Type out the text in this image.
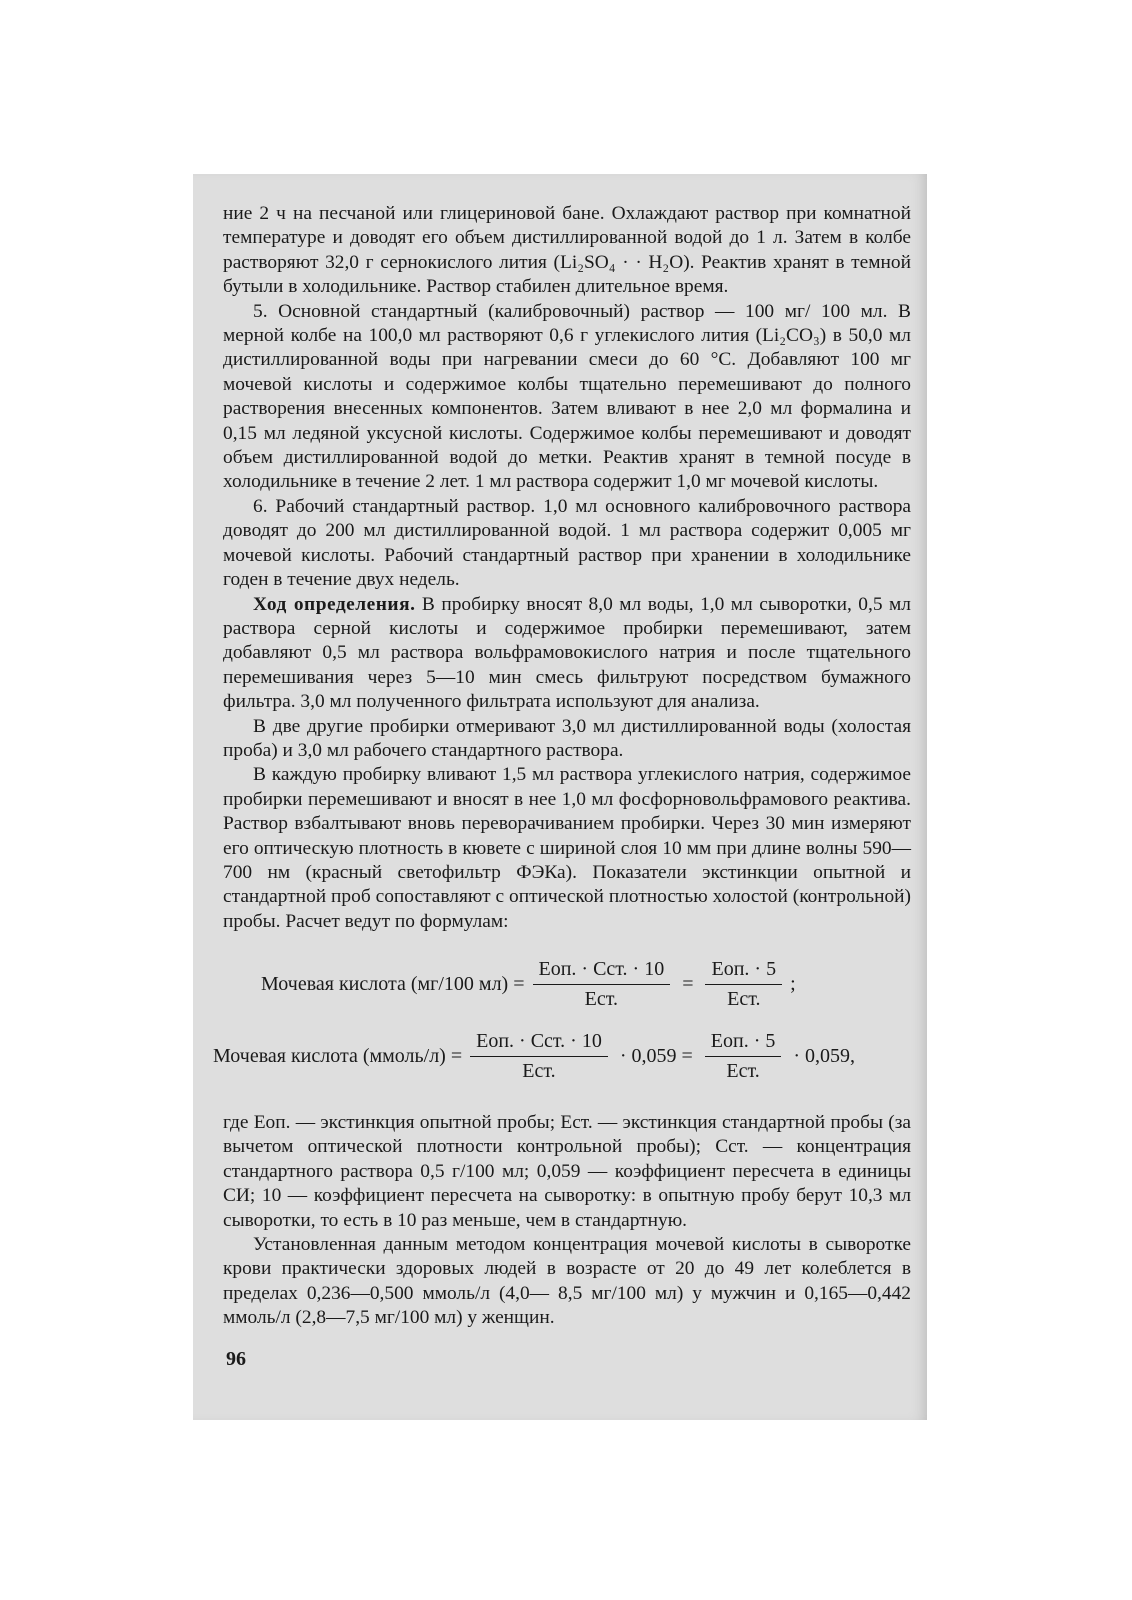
ние 2 ч на песчаной или глицериновой бане. Охлаждают раствор при комнатной температуре и доводят его объем дистиллированной водой до 1 л. Затем в колбе растворяют 32,0 г сернокислого лития (Li₂SO₄ · · H₂O). Реактив хранят в темной бутыли в холодильнике. Раствор стабилен длительное время.

5. Основной стандартный (калибровочный) раствор — 100 мг/ 100 мл. В мерной колбе на 100,0 мл растворяют 0,6 г углекислого лития (Li₂CO₃) в 50,0 мл дистиллированной воды при нагревании смеси до 60 °С. Добавляют 100 мг мочевой кислоты и содержимое колбы тщательно перемешивают до полного растворения внесенных компонентов. Затем вливают в нее 2,0 мл формалина и 0,15 мл ледяной уксусной кислоты. Содержимое колбы перемешивают и доводят объем дистиллированной водой до метки. Реактив хранят в темной посуде в холодильнике в течение 2 лет. 1 мл раствора содержит 1,0 мг мочевой кислоты.

6. Рабочий стандартный раствор. 1,0 мл основного калибровочного раствора доводят до 200 мл дистиллированной водой. 1 мл раствора содержит 0,005 мг мочевой кислоты. Рабочий стандартный раствор при хранении в холодильнике годен в течение двух недель.

Ход определения. В пробирку вносят 8,0 мл воды, 1,0 мл сыворотки, 0,5 мл раствора серной кислоты и содержимое пробирки перемешивают, затем добавляют 0,5 мл раствора вольфрамовокислого натрия и после тщательного перемешивания через 5—10 мин смесь фильтруют посредством бумажного фильтра. 3,0 мл полученного фильтрата используют для анализа.

В две другие пробирки отмеривают 3,0 мл дистиллированной воды (холостая проба) и 3,0 мл рабочего стандартного раствора.

В каждую пробирку вливают 1,5 мл раствора углекислого натрия, содержимое пробирки перемешивают и вносят в нее 1,0 мл фосфорновольфрамового реактива. Раствор взбалтывают вновь переворачиванием пробирки. Через 30 мин измеряют его оптическую плотность в кювете с шириной слоя 10 мм при длине волны 590—700 нм (красный светофильтр ФЭКа). Показатели экстинкции опытной и стандартной проб сопоставляют с оптической плотностью холостой (контрольной) пробы. Расчет ведут по формулам:

Мочевая кислота (мг/100 $мл) = \frac{\text{Eоп. · Cст. · 10}}{\text{Eст.}} = \frac{\text{Eоп. · 5}}{\text{Eст.}}$ ;
Мочевая кислота (ммоль/л) = $\frac{\text{Eоп. · Cст. · 10}}{\text{Eст.}} \cdot 0,059 = \frac{\text{Eоп. · 5}}{\text{Eст.}} \cdot 0,059$,

где Eоп. — экстинкция опытной пробы; Eст. — экстинкция стандартной пробы (за вычетом оптической плотности контрольной пробы); Cст. — концентрация стандартного раствора 0,5 г/100 мл; 0,059 — коэффициент пересчета в единицы СИ; 10 — коэффициент пересчета на сыворотку: в опытную пробу берут 10,3 мл сыворотки, то есть в 10 раз меньше, чем в стандартную.

Установленная данным методом концентрация мочевой кислоты в сыворотке крови практически здоровых людей в возрасте от 20 до 49 лет колеблется в пределах 0,236—0,500 ммоль/л (4,0— 8,5 мг/100 мл) у мужчин и 0,165—0,442 ммоль/л (2,8—7,5 мг/100 мл) у женщин.

96
